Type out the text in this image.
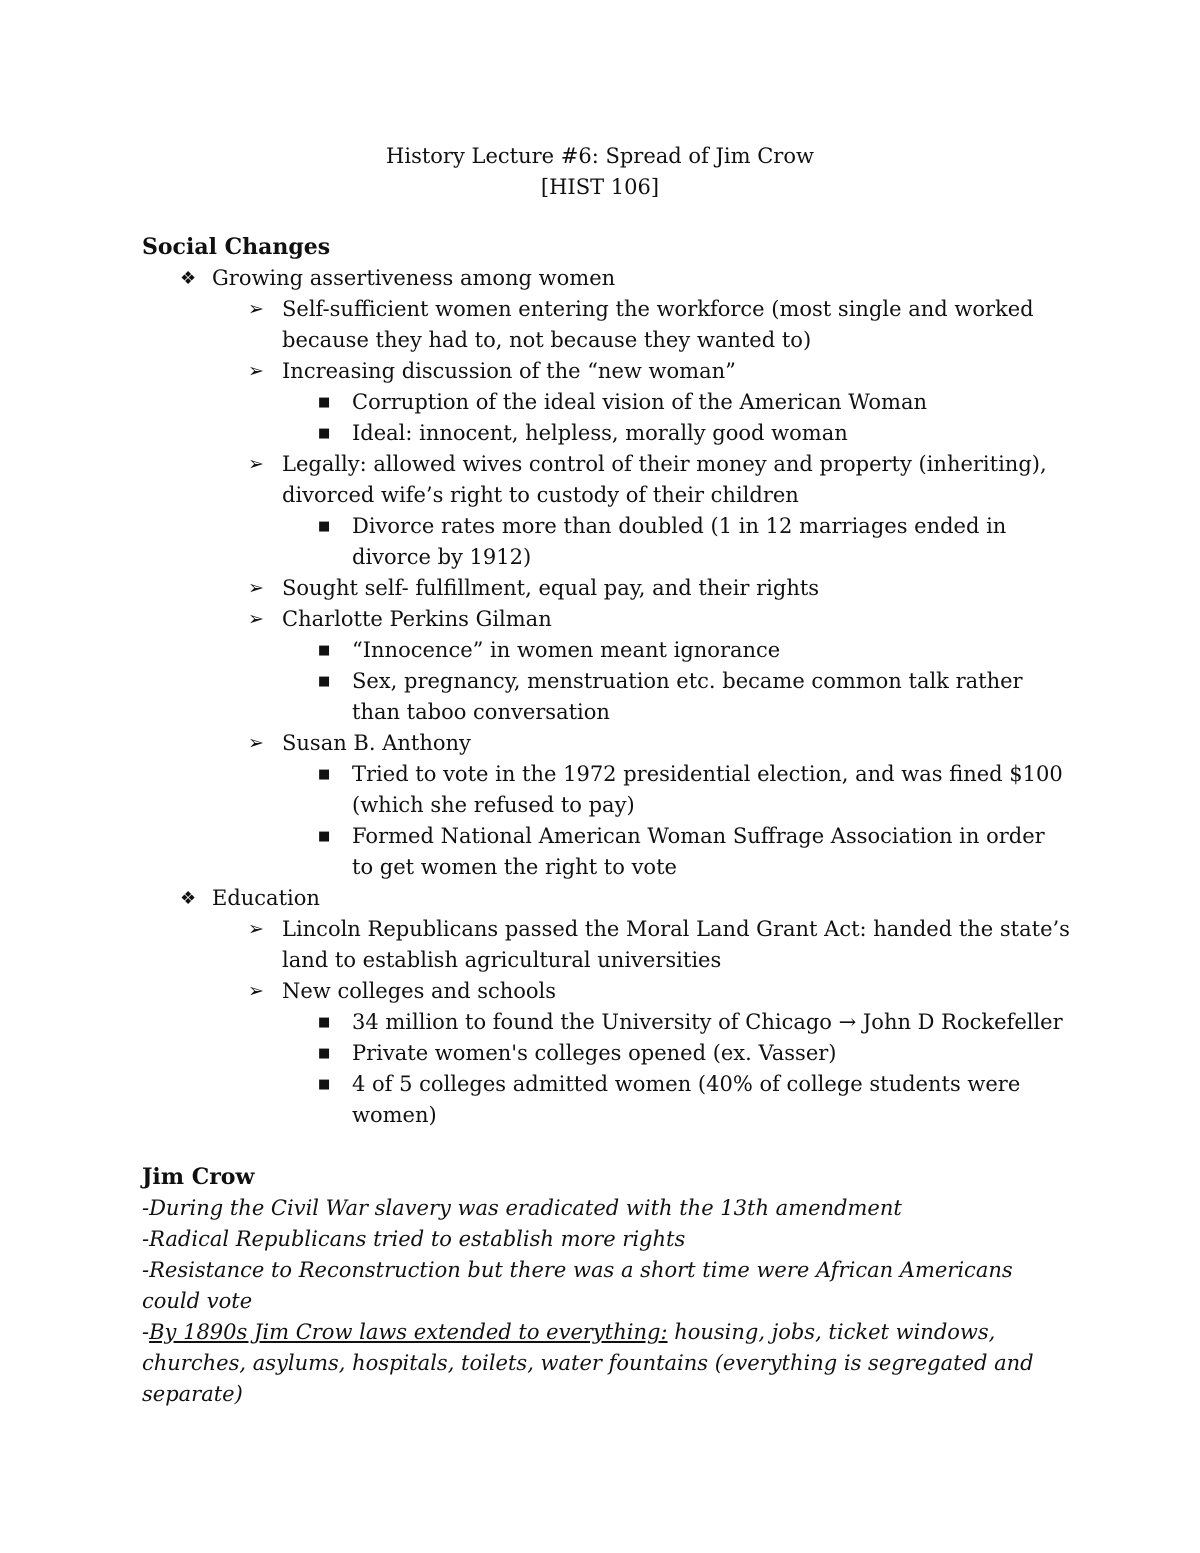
History Lecture #6: Spread of Jim Crow
[HIST 106]
Social Changes
❖ Growing assertiveness among women
➢ Self-sufficient women entering the workforce (most single and worked because they had to, not because they wanted to)
➢ Increasing discussion of the “new woman”
■ Corruption of the ideal vision of the American Woman
■ Ideal: innocent, helpless, morally good woman
➢ Legally: allowed wives control of their money and property (inheriting), divorced wife’s right to custody of their children
■ Divorce rates more than doubled (1 in 12 marriages ended in divorce by 1912)
➢ Sought self- fulfillment, equal pay, and their rights
➢ Charlotte Perkins Gilman
■ “Innocence” in women meant ignorance
■ Sex, pregnancy, menstruation etc. became common talk rather than taboo conversation
➢ Susan B. Anthony
■ Tried to vote in the 1972 presidential election, and was fined $100 (which she refused to pay)
■ Formed National American Woman Suffrage Association in order to get women the right to vote
❖ Education
➢ Lincoln Republicans passed the Moral Land Grant Act: handed the state’s land to establish agricultural universities
➢ New colleges and schools
■ 34 million to found the University of Chicago → John D Rockefeller
■ Private women's colleges opened (ex. Vasser)
■ 4 of 5 colleges admitted women (40% of college students were women)
Jim Crow
-During the Civil War slavery was eradicated with the 13th amendment
-Radical Republicans tried to establish more rights
-Resistance to Reconstruction but there was a short time were African Americans could vote
-By 1890s Jim Crow laws extended to everything: housing, jobs, ticket windows, churches, asylums, hospitals, toilets, water fountains (everything is segregated and separate)
